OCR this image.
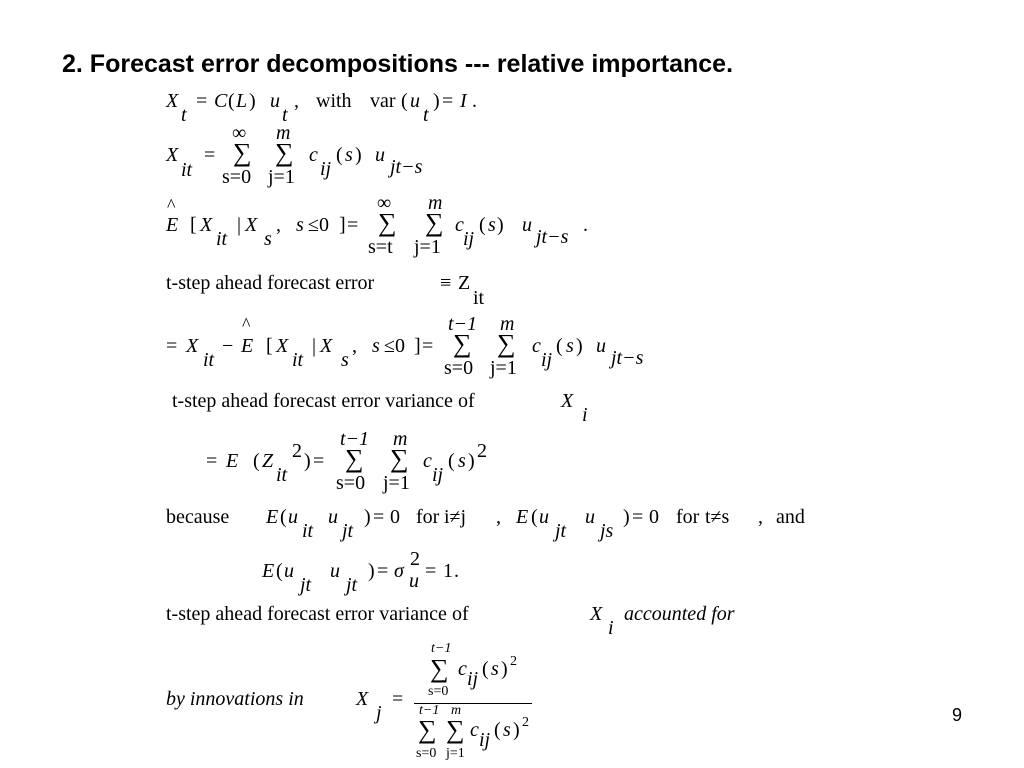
2. Forecast error decompositions --- relative importance.
X
t
= C ( L ) u
t
, with var ( u
t
) = I .
X
it
=
∞
∑
s=0
m
∑
j=1
c
ij
( s ) u
jt−s
^
E [ X
it
| X
s
, s ≤0 ] =
∞
∑
s=t
m
∑
j=1
c
ij
( s ) u
jt−s
.
t-step ahead forecast error	≡ Z
it
= X
it
−
^
E [ X
it
| X
s
, s ≤0 ] =
t−1
∑
s=0
m
∑
j=1
c
ij
( s ) u
jt−s
t-step ahead forecast error variance of	X
i
= E ( Z
it
2 ) =
t−1
∑
s=0
m
∑
j=1
c
ij
( s ) 2
because E ( u
it
u
jt
) = 0 for i≠j , E ( u
jt
u
js
) = 0 for t≠s , and
E ( u
jt
u
jt
) = σ
2
u = 1 .
t-step ahead forecast error variance of	X
i
accounted for
by innovations in	X
j
=
t−1
∑
s=0
c ij ( s ) 2
t−1
∑
s=0
m
∑
j=1
c ij ( s ) 2	9
